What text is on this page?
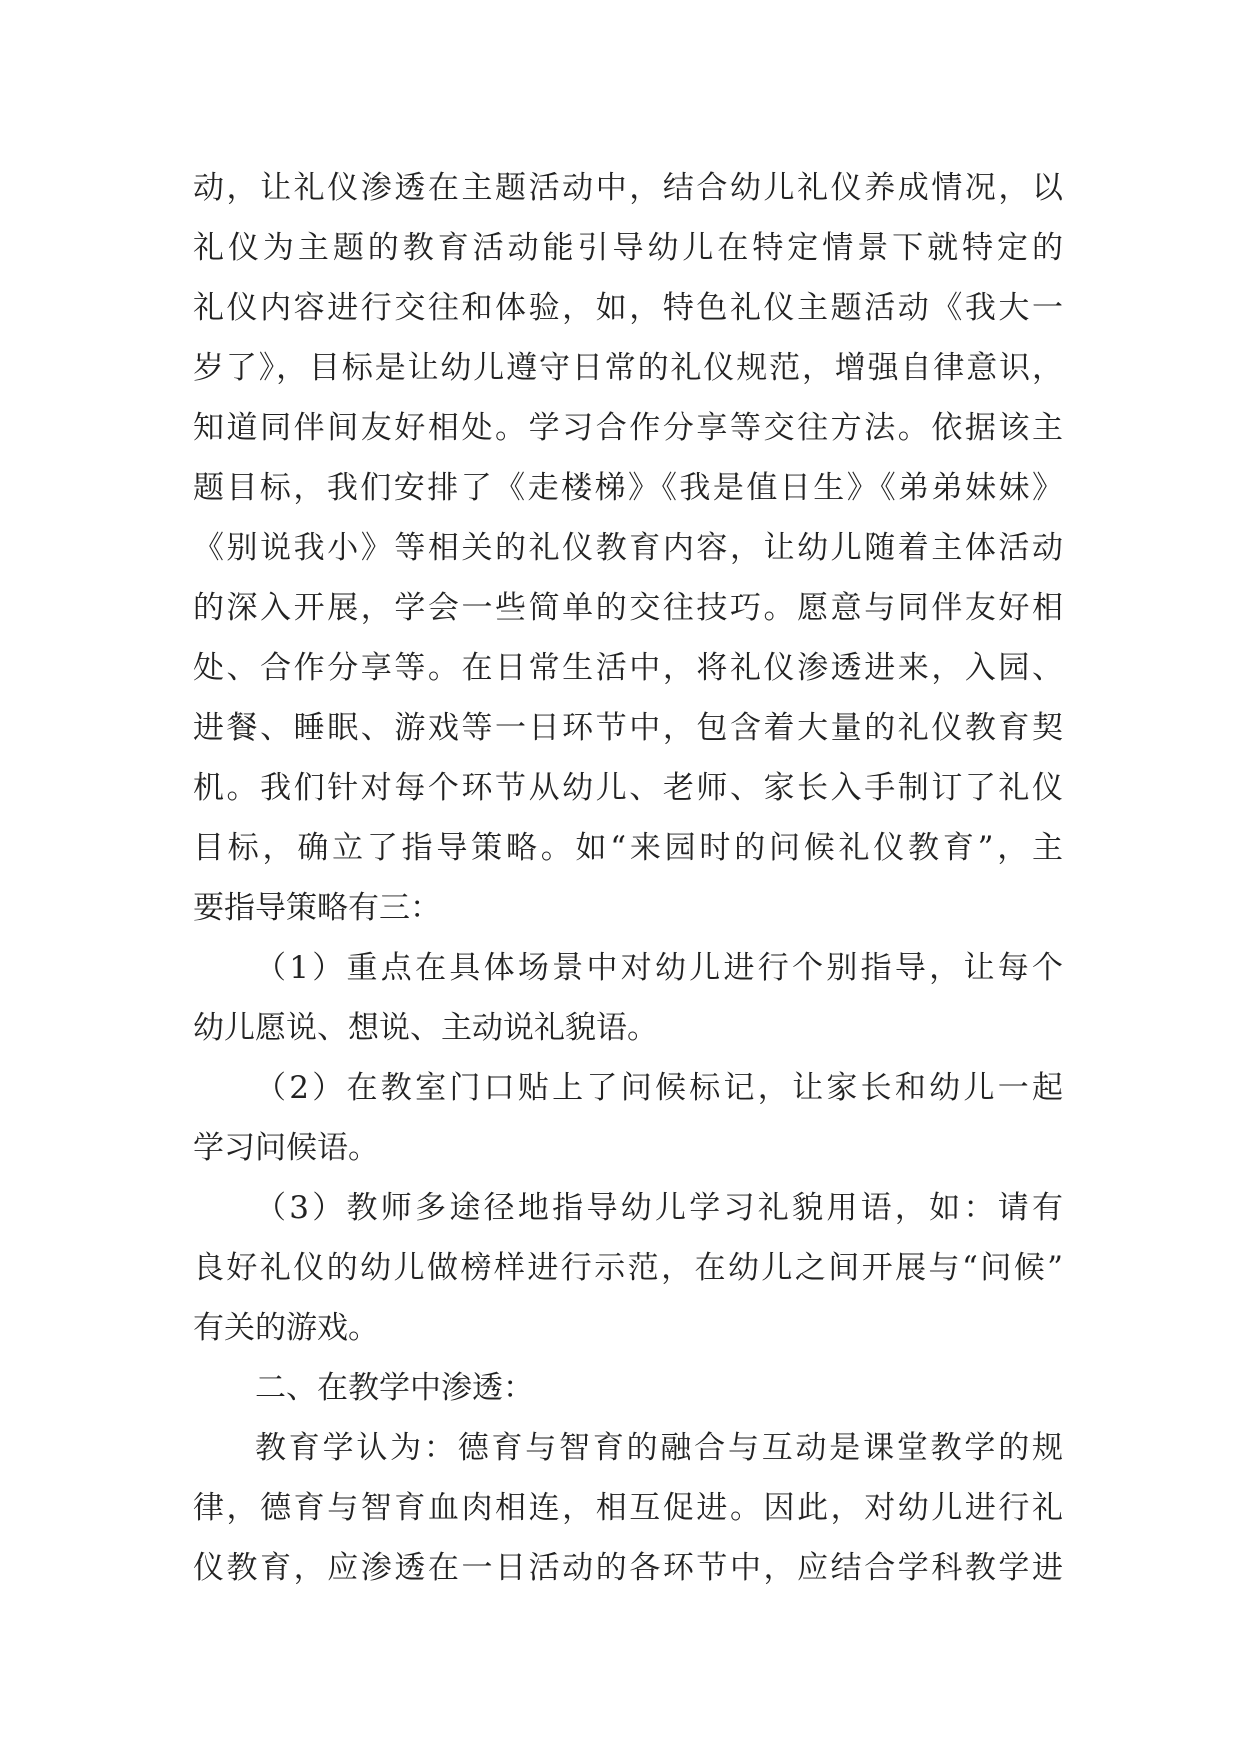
动，让礼仪渗透在主题活动中，结合幼儿礼仪养成情况，以
礼仪为主题的教育活动能引导幼儿在特定情景下就特定的
礼仪内容进行交往和体验，如，特色礼仪主题活动《我大一
岁了》，目标是让幼儿遵守日常的礼仪规范，增强自律意识，
知道同伴间友好相处。学习合作分享等交往方法。依据该主
题目标，我们安排了《走楼梯》《我是值日生》《弟弟妹妹》
《别说我小》等相关的礼仪教育内容，让幼儿随着主体活动
的深入开展，学会一些简单的交往技巧。愿意与同伴友好相
处、合作分享等。在日常生活中，将礼仪渗透进来，入园、
进餐、睡眠、游戏等一日环节中，包含着大量的礼仪教育契
机。我们针对每个环节从幼儿、老师、家长入手制订了礼仪
目标，确立了指导策略。如“来园时的问候礼仪教育”，主
要指导策略有三：
（1）重点在具体场景中对幼儿进行个别指导，让每个
幼儿愿说、想说、主动说礼貌语。
（2）在教室门口贴上了问候标记，让家长和幼儿一起
学习问候语。
（3）教师多途径地指导幼儿学习礼貌用语，如：请有
良好礼仪的幼儿做榜样进行示范，在幼儿之间开展与“问候”
有关的游戏。
二、在教学中渗透：
教育学认为：德育与智育的融合与互动是课堂教学的规
律，德育与智育血肉相连，相互促进。因此，对幼儿进行礼
仪教育，应渗透在一日活动的各环节中，应结合学科教学进
